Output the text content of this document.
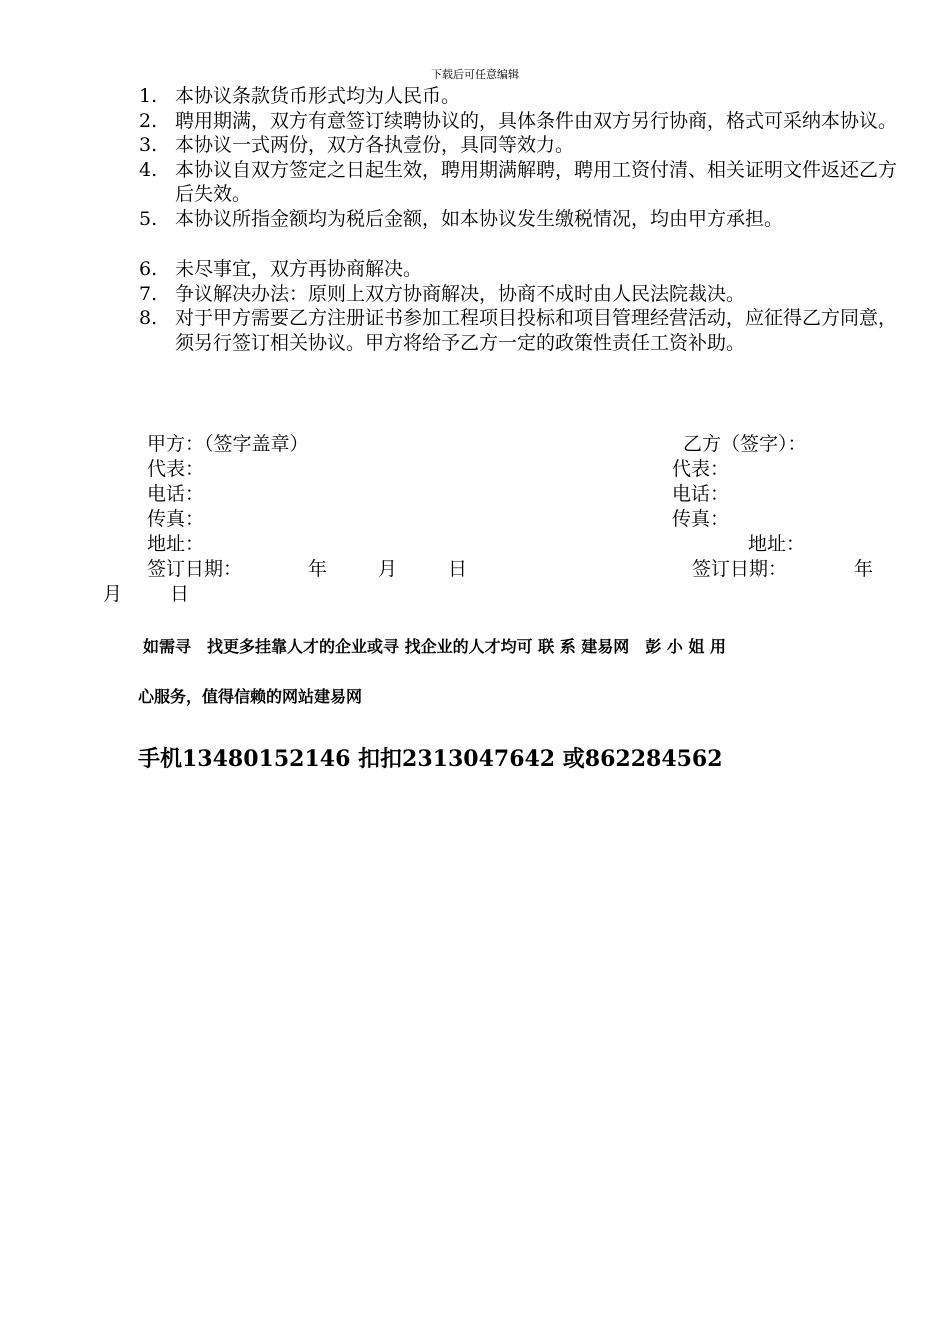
下载后可任意编辑
1. 本协议条款货币形式均为人民币。
2. 聘用期满，双方有意签订续聘协议的，具体条件由双方另行协商，格式可采纳本协议。
3. 本协议一式两份，双方各执壹份，具同等效力。
4. 本协议自双方签定之日起生效，聘用期满解聘，聘用工资付清、相关证明文件返还乙方后失效。
5. 本协议所指金额均为税后金额，如本协议发生缴税情况，均由甲方承担。
6. 未尽事宜，双方再协商解决。
7. 争议解决办法：原则上双方协商解决，协商不成时由人民法院裁决。
8. 对于甲方需要乙方注册证书参加工程项目投标和项目管理经营活动，应征得乙方同意，须另行签订相关协议。甲方将给予乙方一定的政策性责任工资补助。
甲方：（签字盖章）
代表：
电话：
传真：
地址：
签订日期：	年	月	日
乙方（签字）：
代表：
电话：
传真：
地址：
签订日期：	年
月	日
如需寻　找更多挂靠人才的企业或寻 找企业的人才均可 联 系 建易网　彭 小 姐 用
心服务，值得信赖的网站建易网
手机13480152146 扣扣2313047642 或862284562
